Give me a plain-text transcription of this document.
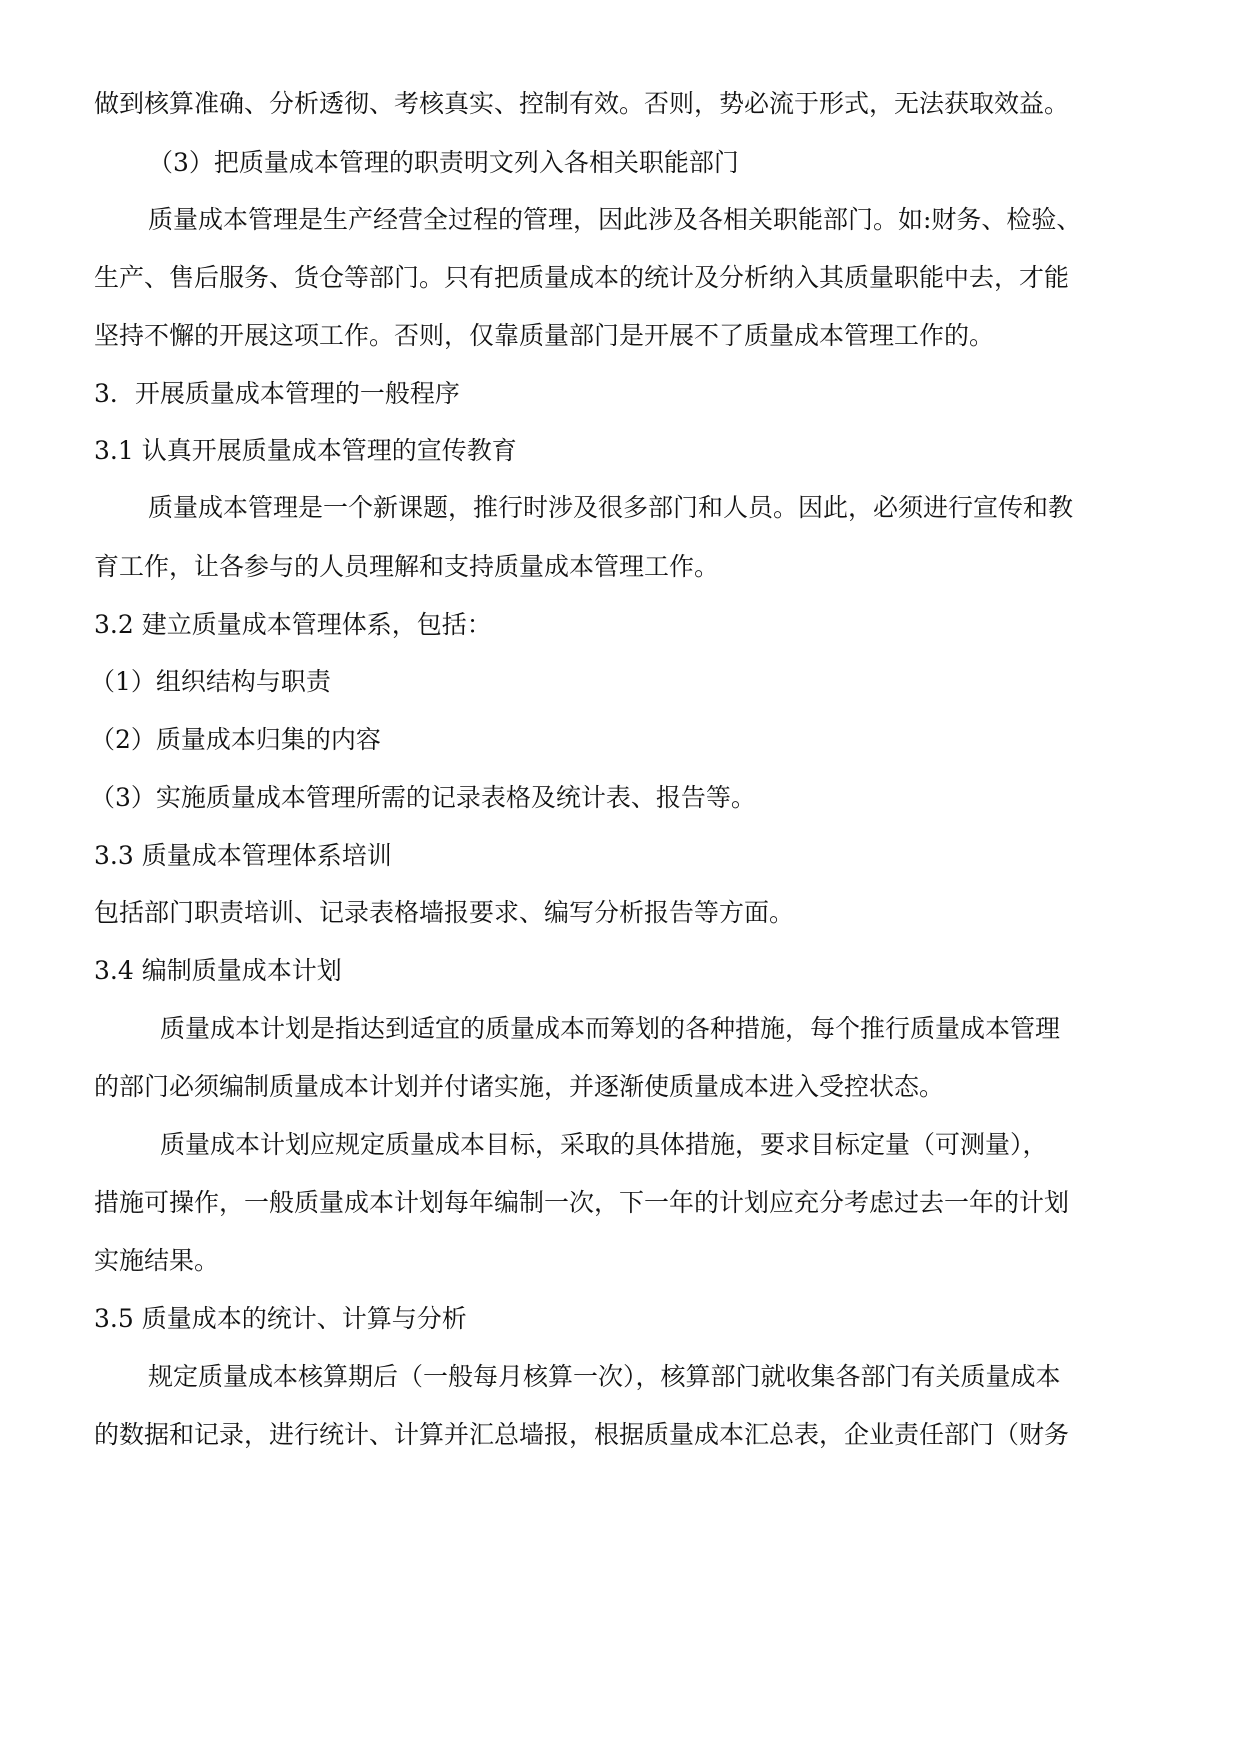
做到核算准确、分析透彻、考核真实、控制有效。否则，势必流于形式，无法获取效益。
（3）把质量成本管理的职责明文列入各相关职能部门
质量成本管理是生产经营全过程的管理，因此涉及各相关职能部门。如:财务、检验、
生产、售后服务、货仓等部门。只有把质量成本的统计及分析纳入其质量职能中去，才能
坚持不懈的开展这项工作。否则，仅靠质量部门是开展不了质量成本管理工作的。
3．开展质量成本管理的一般程序
3.1 认真开展质量成本管理的宣传教育
质量成本管理是一个新课题，推行时涉及很多部门和人员。因此，必须进行宣传和教
育工作，让各参与的人员理解和支持质量成本管理工作。
3.2 建立质量成本管理体系，包括：
（1）组织结构与职责
（2）质量成本归集的内容
（3）实施质量成本管理所需的记录表格及统计表、报告等。
3.3 质量成本管理体系培训
包括部门职责培训、记录表格墙报要求、编写分析报告等方面。
3.4 编制质量成本计划
质量成本计划是指达到适宜的质量成本而筹划的各种措施，每个推行质量成本管理
的部门必须编制质量成本计划并付诸实施，并逐渐使质量成本进入受控状态。
质量成本计划应规定质量成本目标，采取的具体措施，要求目标定量（可测量），
措施可操作，一般质量成本计划每年编制一次，下一年的计划应充分考虑过去一年的计划
实施结果。
3.5 质量成本的统计、计算与分析
规定质量成本核算期后（一般每月核算一次），核算部门就收集各部门有关质量成本
的数据和记录，进行统计、计算并汇总墙报，根据质量成本汇总表，企业责任部门（财务
